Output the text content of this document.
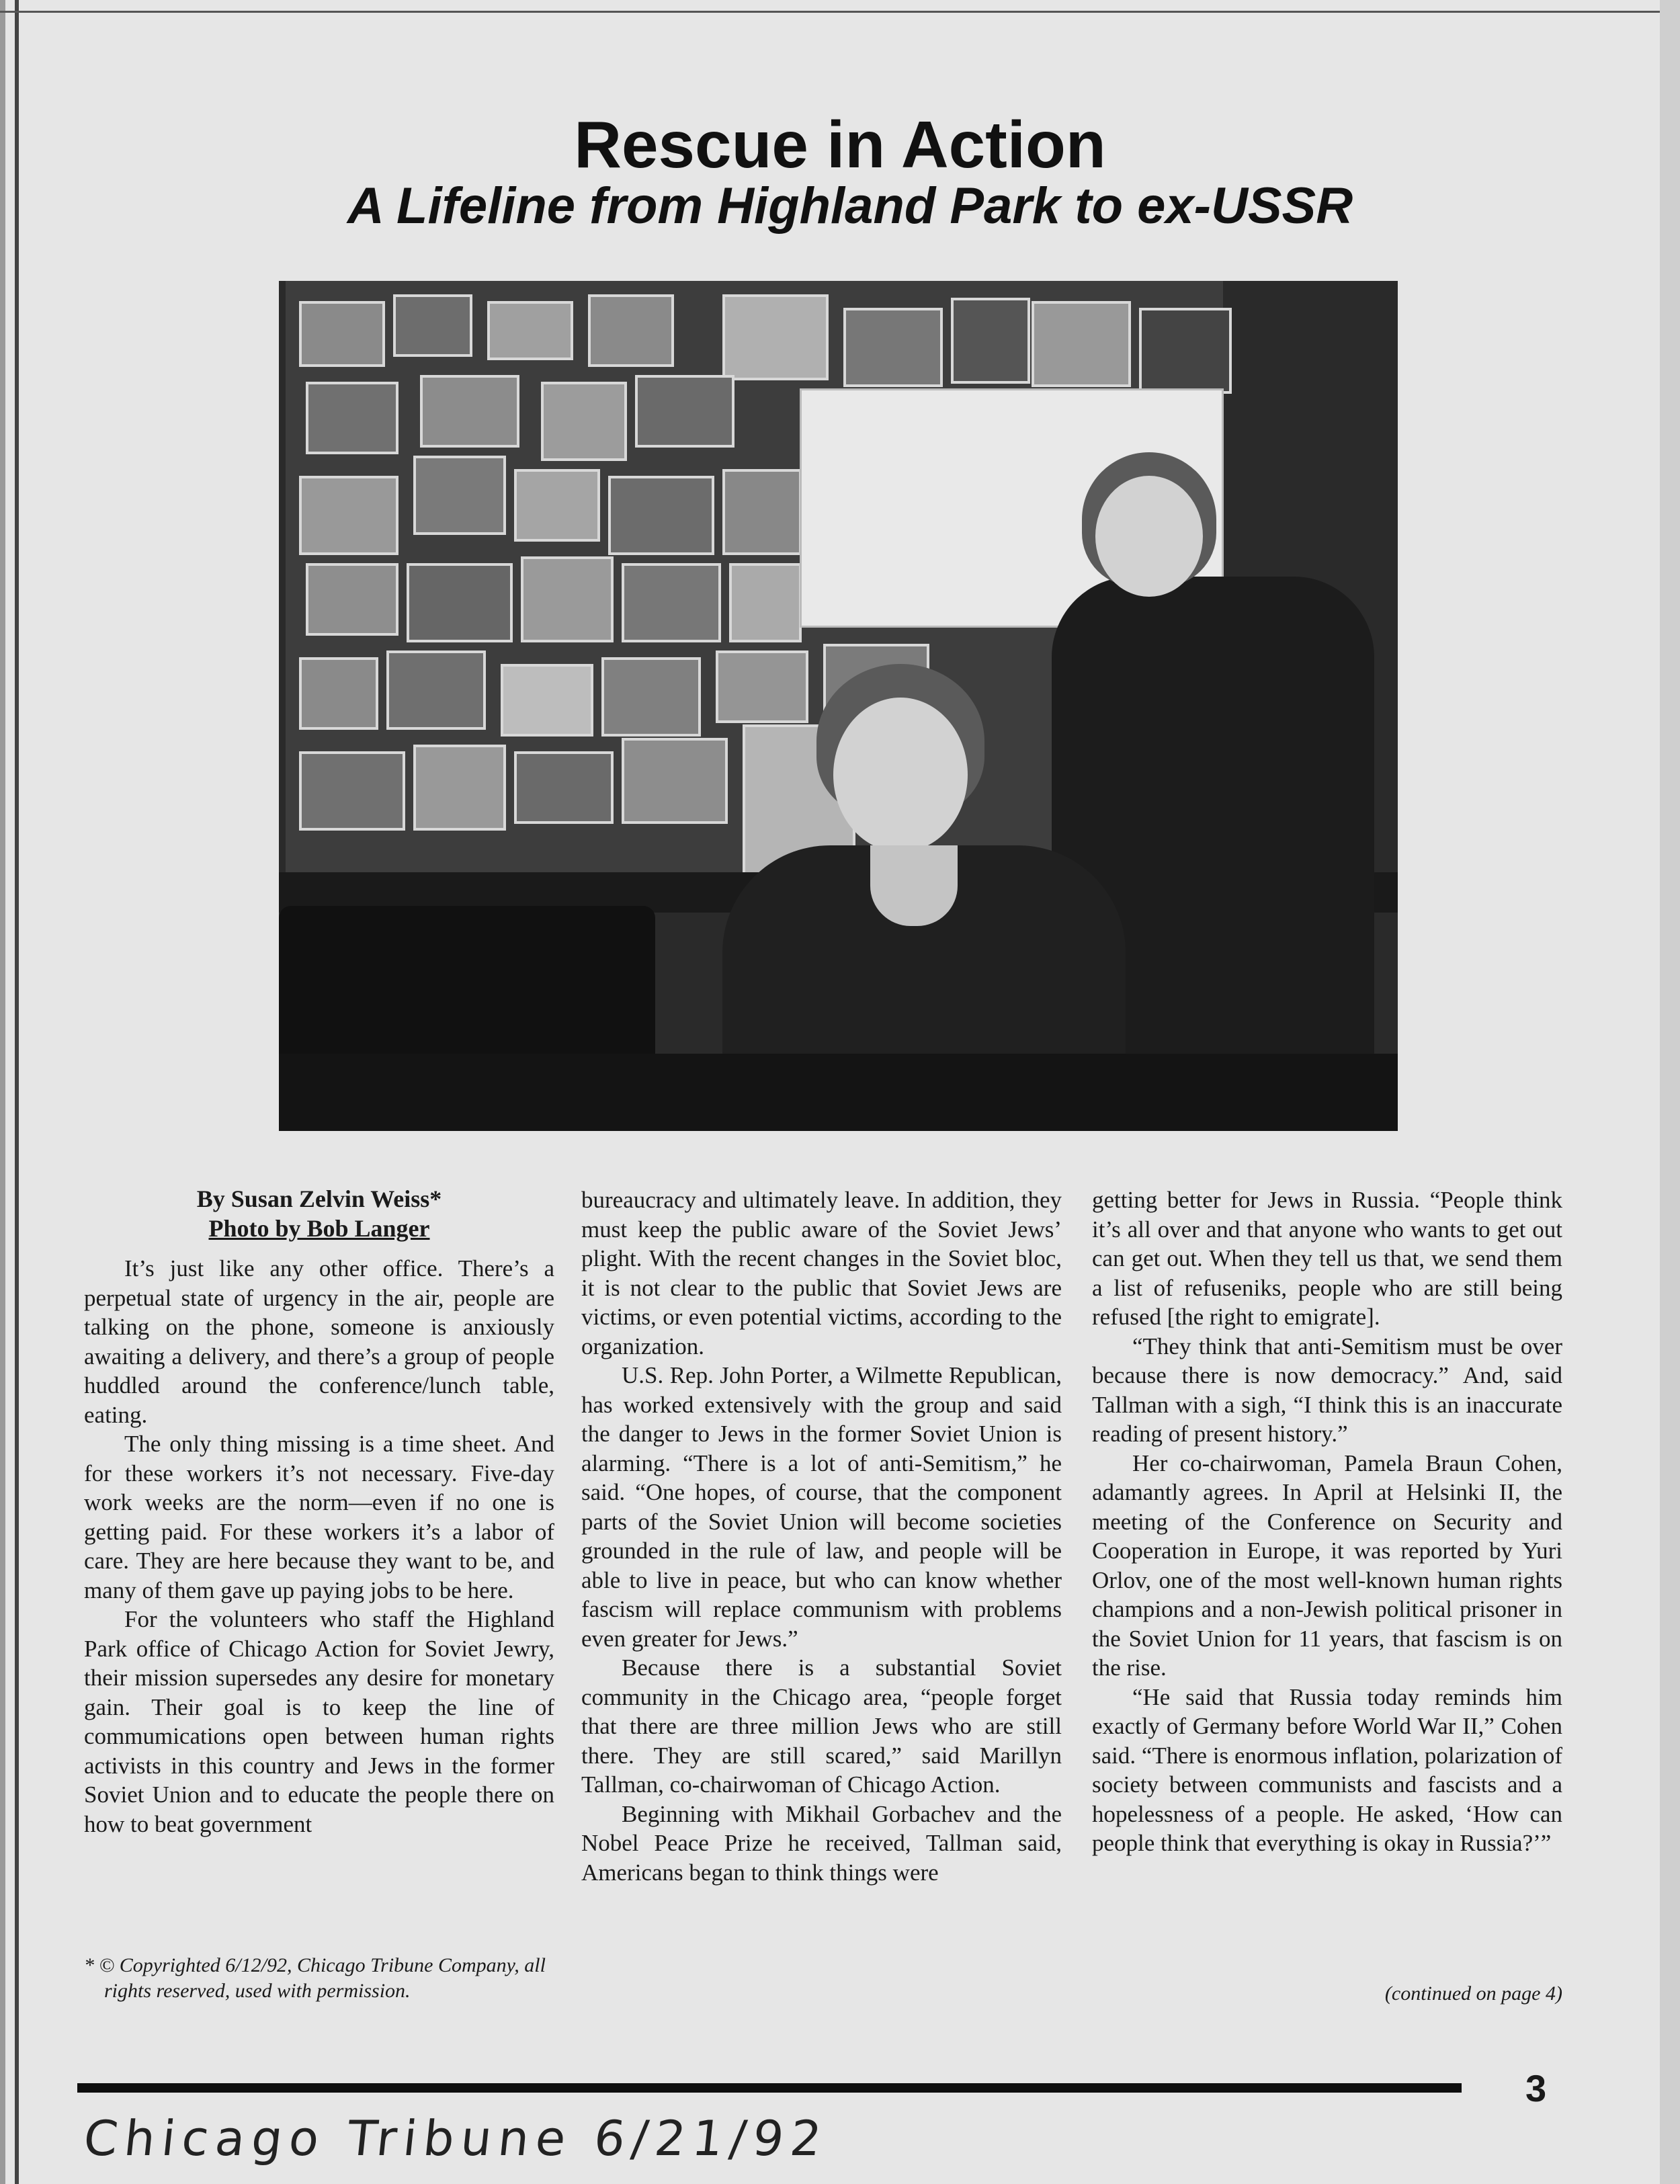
Rescue in Action
A Lifeline from Highland Park to ex-USSR
By Susan Zelvin Weiss*
Photo by Bob Langer

It’s just like any other office. There’s a perpetual state of urgency in the air, people are talking on the phone, someone is anxiously awaiting a delivery, and there’s a group of people huddled around the conference/lunch table, eating.

The only thing missing is a time sheet. And for these workers it’s not necessary. Five-day work weeks are the norm—even if no one is getting paid. For these workers it’s a labor of care. They are here because they want to be, and many of them gave up paying jobs to be here.

For the volunteers who staff the Highland Park office of Chicago Action for Soviet Jewry, their mission supersedes any desire for monetary gain. Their goal is to keep the line of commumications open between human rights activists in this country and Jews in the former Soviet Union and to educate the people there on how to beat government

bureaucracy and ultimately leave. In addition, they must keep the public aware of the Soviet Jews’ plight. With the recent changes in the Soviet bloc, it is not clear to the public that Soviet Jews are victims, or even potential victims, according to the organization.

U.S. Rep. John Porter, a Wilmette Republican, has worked extensively with the group and said the danger to Jews in the former Soviet Union is alarming. “There is a lot of anti-Semitism,” he said. “One hopes, of course, that the component parts of the Soviet Union will become societies grounded in the rule of law, and people will be able to live in peace, but who can know whether fascism will replace communism with problems even greater for Jews.”

Because there is a substantial Soviet community in the Chicago area, “people forget that there are three million Jews who are still there. They are still scared,” said Marillyn Tallman, co-chairwoman of Chicago Action.

Beginning with Mikhail Gorbachev and the Nobel Peace Prize he received, Tallman said, Americans began to think things were

getting better for Jews in Russia. “People think it’s all over and that anyone who wants to get out can get out. When they tell us that, we send them a list of refuseniks, people who are still being refused [the right to emigrate].

“They think that anti-Semitism must be over because there is now democracy.” And, said Tallman with a sigh, “I think this is an inaccurate reading of present history.”

Her co-chairwoman, Pamela Braun Cohen, adamantly agrees. In April at Helsinki II, the meeting of the Conference on Security and Cooperation in Europe, it was reported by Yuri Orlov, one of the most well-known human rights champions and a non-Jewish political prisoner in the Soviet Union for 11 years, that fascism is on the rise.

“He said that Russia today reminds him exactly of Germany before World War II,” Cohen said. “There is enormous inflation, polarization of society between communists and fascists and a hopelessness of a people. He asked, ‘How can people think that everything is okay in Russia?’”

* © Copyrighted 6/12/92, Chicago Tribune Company, all rights reserved, used with permission.	(continued on page 4)
3
Chicago Tribune 6/21/92
